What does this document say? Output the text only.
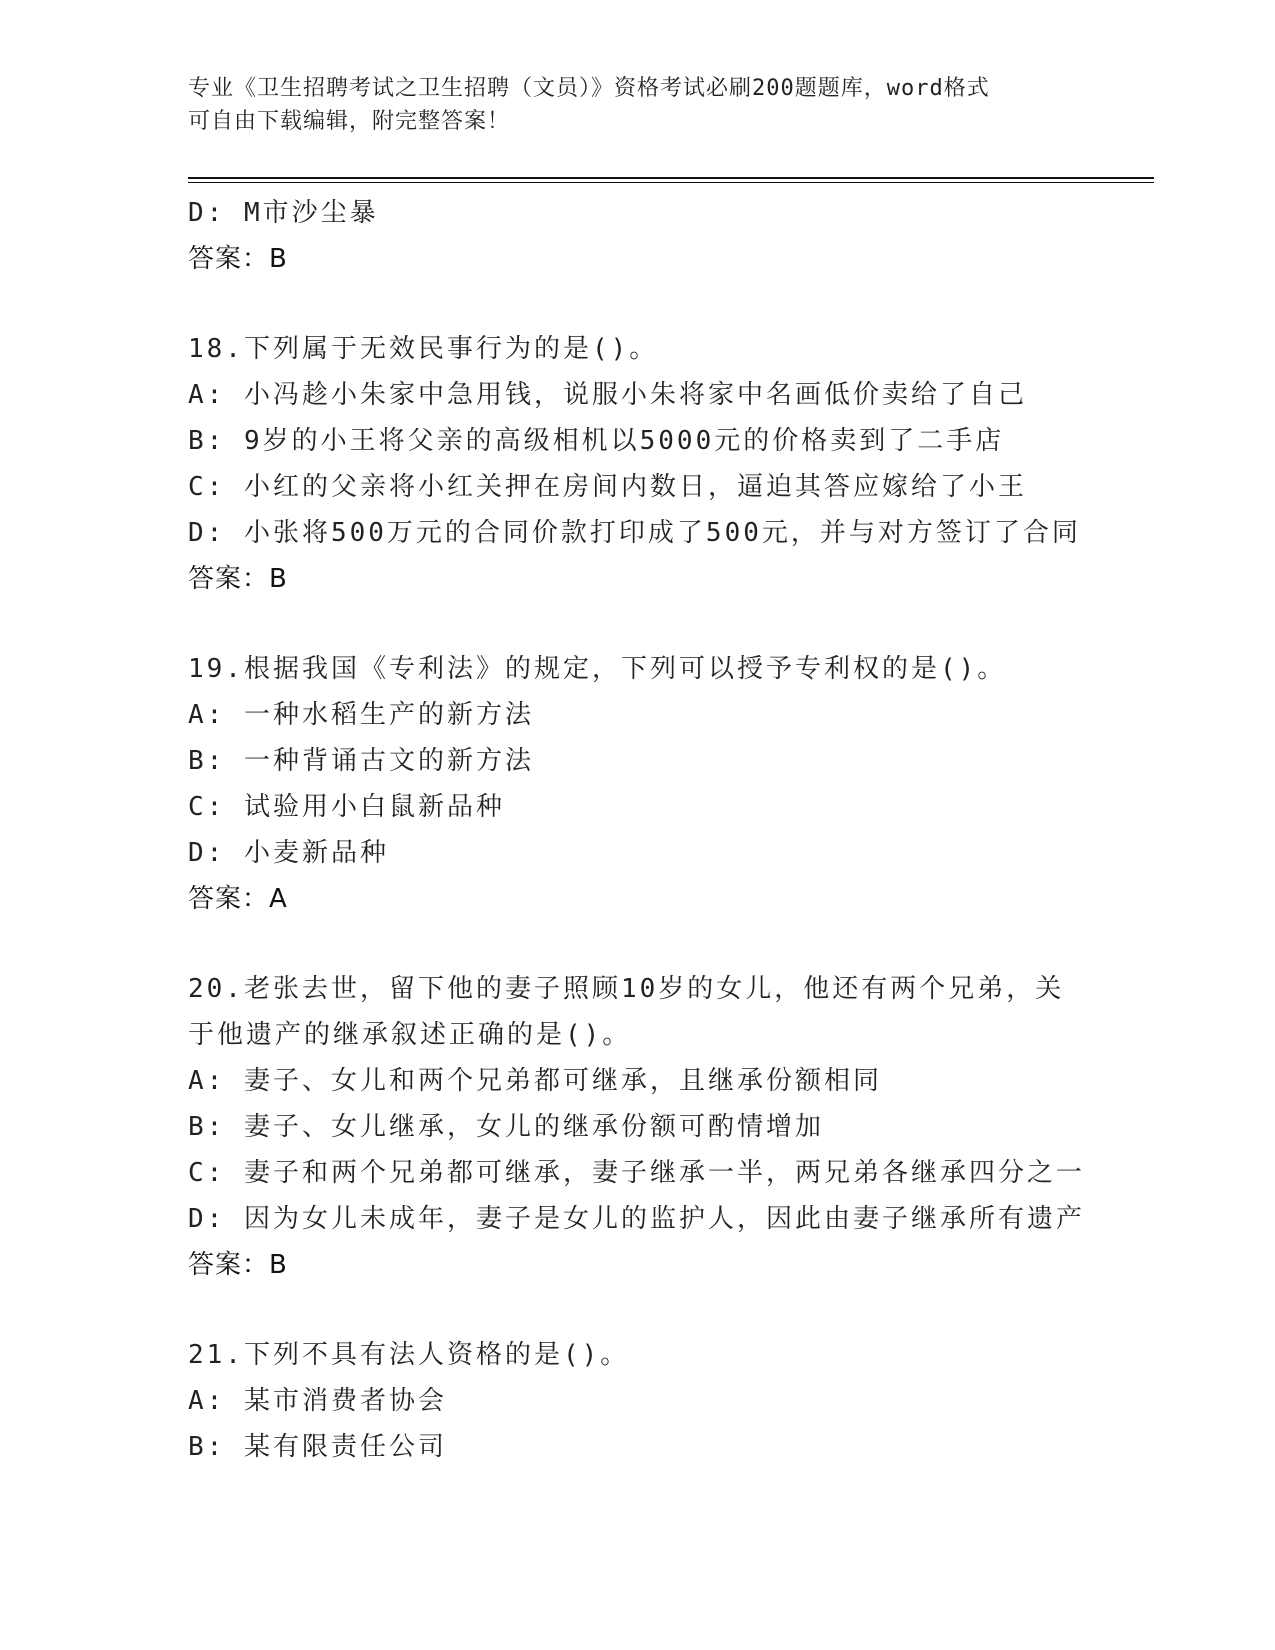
专业《卫生招聘考试之卫生招聘（文员）》资格考试必刷200题题库，word格式
可自由下载编辑，附完整答案！
D: M市沙尘暴
答案：B
18.下列属于无效民事行为的是()。
A: 小冯趁小朱家中急用钱，说服小朱将家中名画低价卖给了自己
B: 9岁的小王将父亲的高级相机以5000元的价格卖到了二手店
C: 小红的父亲将小红关押在房间内数日，逼迫其答应嫁给了小王
D: 小张将500万元的合同价款打印成了500元，并与对方签订了合同
答案：B
19.根据我国《专利法》的规定，下列可以授予专利权的是()。
A: 一种水稻生产的新方法
B: 一种背诵古文的新方法
C: 试验用小白鼠新品种
D: 小麦新品种
答案：A
20.老张去世，留下他的妻子照顾10岁的女儿，他还有两个兄弟，关
于他遗产的继承叙述正确的是()。
A: 妻子、女儿和两个兄弟都可继承，且继承份额相同
B: 妻子、女儿继承，女儿的继承份额可酌情增加
C: 妻子和两个兄弟都可继承，妻子继承一半，两兄弟各继承四分之一
D: 因为女儿未成年，妻子是女儿的监护人，因此由妻子继承所有遗产
答案：B
21.下列不具有法人资格的是()。
A: 某市消费者协会
B: 某有限责任公司
